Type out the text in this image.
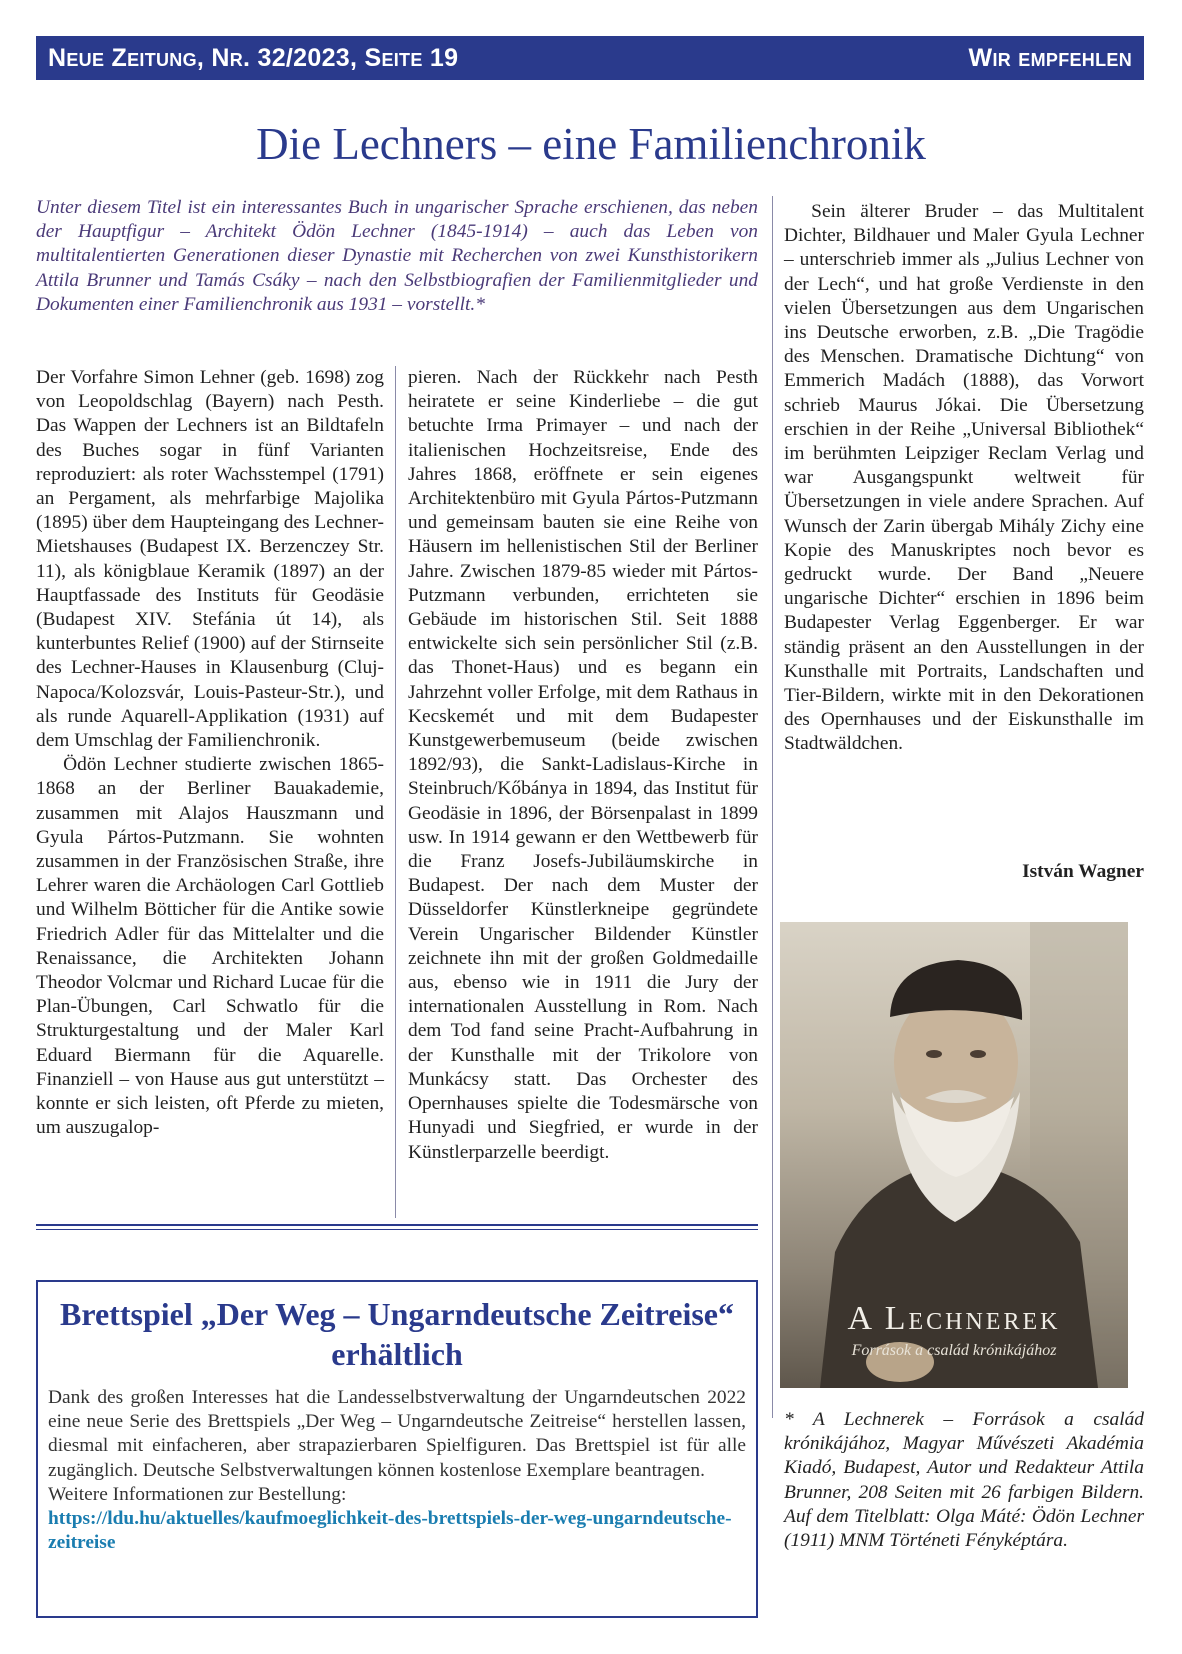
Neue Zeitung, Nr. 32/2023, Seite 19	Wir empfehlen
Die Lechners – eine Familienchronik

Unter diesem Titel ist ein interessantes Buch in ungarischer Sprache erschienen, das neben der Hauptfigur – Architekt Ödön Lechner (1845-1914) – auch das Leben von multitalentierten Generationen dieser Dynastie mit Recherchen von zwei Kunsthistorikern Attila Brunner und Tamás Csáky – nach den Selbstbiografien der Familienmitglieder und Dokumenten einer Familienchronik aus 1931 – vorstellt.*

Der Vorfahre Simon Lehner (geb. 1698) zog von Leopoldschlag (Bayern) nach Pesth. Das Wappen der Lechners ist an Bildtafeln des Buches sogar in fünf Varianten reproduziert: als roter Wachsstempel (1791) an Pergament, als mehrfarbige Majolika (1895) über dem Haupteingang des Lechner-Mietshauses (Budapest IX. Berzenczey Str. 11), als königblaue Keramik (1897) an der Hauptfassade des Instituts für Geodäsie (Budapest XIV. Stefánia út 14), als kunterbuntes Relief (1900) auf der Stirnseite des Lechner-Hauses in Klausenburg (Cluj-Napoca/Kolozsvár, Louis-Pasteur-Str.), und als runde Aquarell-Applikation (1931) auf dem Umschlag der Familienchronik.

Ödön Lechner studierte zwischen 1865-1868 an der Berliner Bauakademie, zusammen mit Alajos Hauszmann und Gyula Pártos-Putzmann. Sie wohnten zusammen in der Französischen Straße, ihre Lehrer waren die Archäologen Carl Gottlieb und Wilhelm Bötticher für die Antike sowie Friedrich Adler für das Mittelalter und die Renaissance, die Architekten Johann Theodor Volcmar und Richard Lucae für die Plan-Übungen, Carl Schwatlo für die Strukturgestaltung und der Maler Karl Eduard Biermann für die Aquarelle. Finanziell – von Hause aus gut unterstützt – konnte er sich leisten, oft Pferde zu mieten, um auszugalop-

pieren. Nach der Rückkehr nach Pesth heiratete er seine Kinderliebe – die gut betuchte Irma Primayer – und nach der italienischen Hochzeitsreise, Ende des Jahres 1868, eröffnete er sein eigenes Architektenbüro mit Gyula Pártos-Putzmann und gemeinsam bauten sie eine Reihe von Häusern im hellenistischen Stil der Berliner Jahre. Zwischen 1879-85 wieder mit Pártos-Putzmann verbunden, errichteten sie Gebäude im historischen Stil. Seit 1888 entwickelte sich sein persönlicher Stil (z.B. das Thonet-Haus) und es begann ein Jahrzehnt voller Erfolge, mit dem Rathaus in Kecskemét und mit dem Budapester Kunstgewerbemuseum (beide zwischen 1892/93), die Sankt-Ladislaus-Kirche in Steinbruch/Kőbánya in 1894, das Institut für Geodäsie in 1896, der Börsenpalast in 1899 usw. In 1914 gewann er den Wettbewerb für die Franz Josefs-Jubiläumskirche in Budapest. Der nach dem Muster der Düsseldorfer Künstlerkneipe gegründete Verein Ungarischer Bildender Künstler zeichnete ihn mit der großen Goldmedaille aus, ebenso wie in 1911 die Jury der internationalen Ausstellung in Rom. Nach dem Tod fand seine Pracht-Aufbahrung in der Kunsthalle mit der Trikolore von Munkácsy statt. Das Orchester des Opernhauses spielte die Todesmärsche von Hunyadi und Siegfried, er wurde in der Künstlerparzelle beerdigt.

Sein älterer Bruder – das Multitalent Dichter, Bildhauer und Maler Gyula Lechner – unterschrieb immer als „Julius Lechner von der Lech“, und hat große Verdienste in den vielen Übersetzungen aus dem Ungarischen ins Deutsche erworben, z.B. „Die Tragödie des Menschen. Dramatische Dichtung“ von Emmerich Madách (1888), das Vorwort schrieb Maurus Jókai. Die Übersetzung erschien in der Reihe „Universal Bibliothek“ im berühmten Leipziger Reclam Verlag und war Ausgangspunkt weltweit für Übersetzungen in viele andere Sprachen. Auf Wunsch der Zarin übergab Mihály Zichy eine Kopie des Manuskriptes noch bevor es gedruckt wurde. Der Band „Neuere ungarische Dichter“ erschien in 1896 beim Budapester Verlag Eggenberger. Er war ständig präsent an den Ausstellungen in der Kunsthalle mit Portraits, Landschaften und Tier-Bildern, wirkte mit in den Dekorationen des Opernhauses und der Eiskunsthalle im Stadtwäldchen.

István Wagner
A Lechnerek
Források a család krónikájához

* A Lechnerek – Források a család krónikájához, Magyar Művészeti Akadémia Kiadó, Budapest, Autor und Redakteur Attila Brunner, 208 Seiten mit 26 farbigen Bildern. Auf dem Titelblatt: Olga Máté: Ödön Lechner (1911) MNM Történeti Fényképtára.

Brettspiel „Der Weg – Ungarndeutsche Zeitreise“ erhältlich

Dank des großen Interesses hat die Landesselbstverwaltung der Ungarndeutschen 2022 eine neue Serie des Brettspiels „Der Weg – Ungarndeutsche Zeitreise“ herstellen lassen, diesmal mit einfacheren, aber strapazierbaren Spielfiguren. Das Brettspiel ist für alle zugänglich. Deutsche Selbstverwaltungen können kostenlose Exemplare beantragen.
Weitere Informationen zur Bestellung:
https://ldu.hu/aktuelles/kaufmoeglichkeit-des-brettspiels-der-weg-ungarndeutsche-zeitreise
